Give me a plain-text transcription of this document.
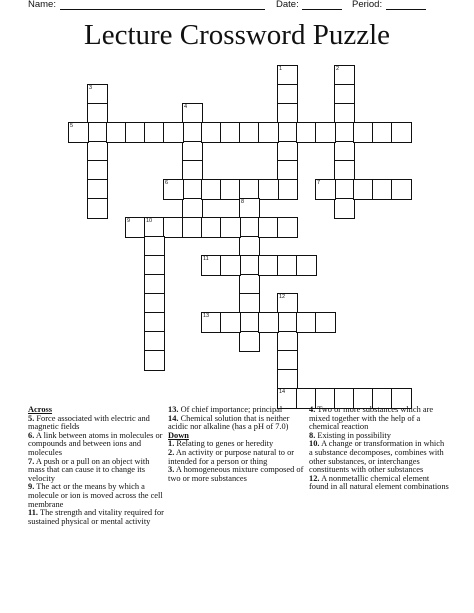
Name:	Date:	Period:
Lecture Crossword Puzzle
1	2
3
4
5
6	7
8
9	10
11
12
14
13
Across
5. Force associated with electric and magnetic fields
6. A link between atoms in molecules or compounds and between ions and molecules
7. A push or a pull on an object with mass that can cause it to change its velocity
9. The act or the means by which a molecule or ion is moved across the cell membrane
11. The strength and vitality required for sustained physical or mental activity
13. Of chief importance; principal
14. Chemical solution that is neither acidic nor alkaline (has a pH of 7.0)
Down
1. Relating to genes or heredity
2. An activity or purpose natural to or intended for a person or thing
3. A homogeneous mixture composed of two or more substances
4. Two or more substances which are mixed together with the help of a chemical reaction
8. Existing in possibility
10. A change or transformation in which a substance decomposes, combines with other substances, or interchanges constituents with other substances
12. A nonmetallic chemical element found in all natural element combinations
